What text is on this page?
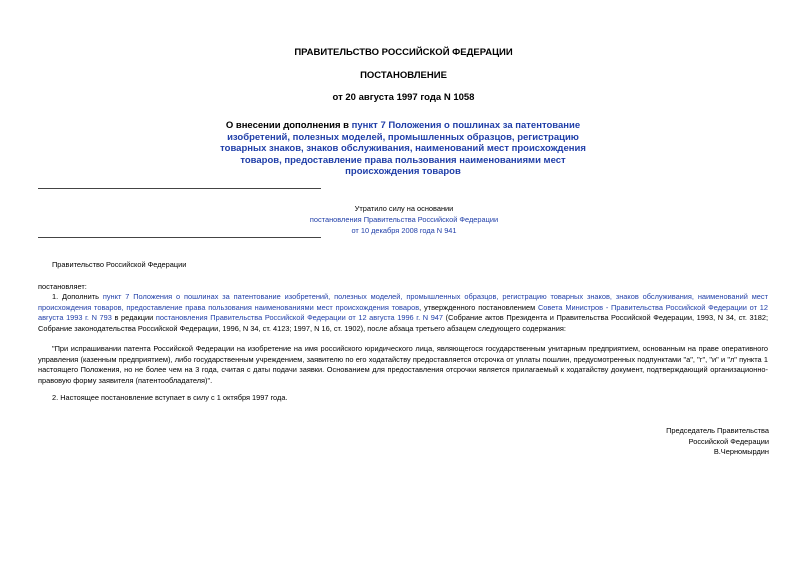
ПРАВИТЕЛЬСТВО РОССИЙСКОЙ ФЕДЕРАЦИИ
ПОСТАНОВЛЕНИЕ
от 20 августа 1997 года N 1058
О внесении дополнения в пункт 7 Положения о пошлинах за патентование изобретений, полезных моделей, промышленных образцов, регистрацию товарных знаков, знаков обслуживания, наименований мест происхождения товаров, предоставление права пользования наименованиями мест происхождения товаров
Утратило силу на основании
постановления Правительства Российской Федерации
от 10 декабря 2008 года N 941
Правительство Российской Федерации
постановляет:
1. Дополнить пункт 7 Положения о пошлинах за патентование изобретений, полезных моделей, промышленных образцов, регистрацию товарных знаков, знаков обслуживания, наименований мест происхождения товаров, предоставление права пользования наименованиями мест происхождения товаров, утвержденного постановлением Совета Министров - Правительства Российской Федерации от 12 августа 1993 г. N 793 в редакции постановления Правительства Российской Федерации от 12 августа 1996 г. N 947 (Собрание актов Президента и Правительства Российской Федерации, 1993, N 34, ст. 3182; Собрание законодательства Российской Федерации, 1996, N 34, ст. 4123; 1997, N 16, ст. 1902), после абзаца третьего абзацем следующего содержания:
"При испрашивании патента Российской Федерации на изобретение на имя российского юридического лица, являющегося государственным унитарным предприятием, основанным на праве оперативного управления (казенным предприятием), либо государственным учреждением, заявителю по его ходатайству предоставляется отсрочка от уплаты пошлин, предусмотренных подпунктами "а", "г", "и" и "л" пункта 1 настоящего Положения, но не более чем на 3 года, считая с даты подачи заявки. Основанием для предоставления отсрочки является прилагаемый к ходатайству документ, подтверждающий организационно-правовую форму заявителя (патентообладателя)".
2. Настоящее постановление вступает в силу с 1 октября 1997 года.
Председатель Правительства
Российской Федерации
В.Черномырдин
